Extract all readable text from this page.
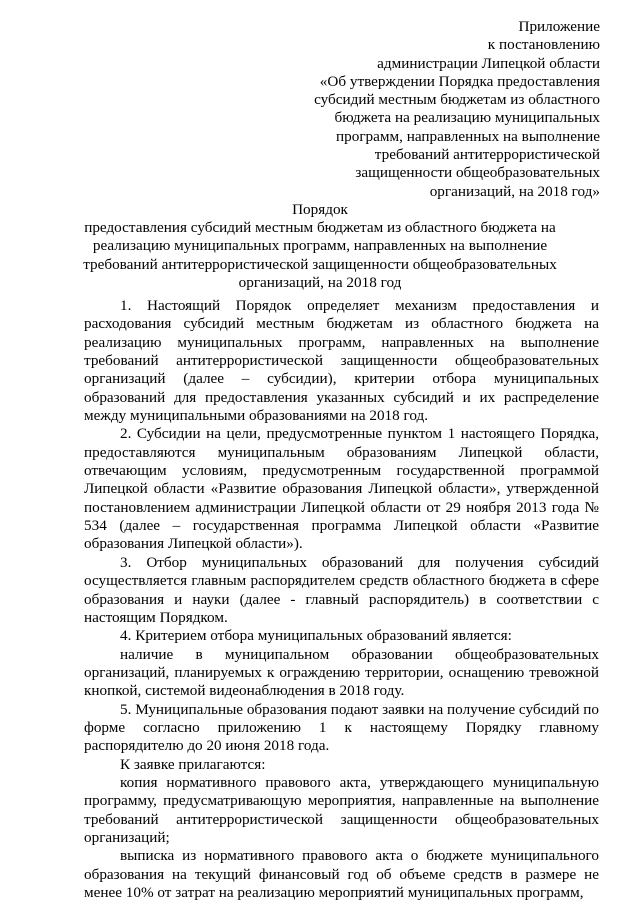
Приложение
к постановлению
администрации Липецкой области
«Об утверждении Порядка предоставления
субсидий местным бюджетам из областного
бюджета на реализацию муниципальных
программ, направленных на выполнение
требований антитеррористической
защищенности общеобразовательных
организаций, на 2018 год»
Порядок
предоставления субсидий местным бюджетам из областного бюджета на
реализацию муниципальных программ, направленных на выполнение
требований антитеррористической защищенности общеобразовательных
организаций, на 2018 год

1. Настоящий Порядок определяет механизм предоставления и расходования субсидий местным бюджетам из областного бюджета на реализацию муниципальных программ, направленных на выполнение требований антитеррористической защищенности общеобразовательных организаций (далее – субсидии), критерии отбора муниципальных образований для предоставления указанных субсидий и их распределение между муниципальными образованиями на 2018 год.

2. Субсидии на цели, предусмотренные пунктом 1 настоящего Порядка, предоставляются муниципальным образованиям Липецкой области, отвечающим условиям, предусмотренным государственной программой Липецкой области «Развитие образования Липецкой области», утвержденной постановлением администрации Липецкой области от 29 ноября 2013 года № 534 (далее – государственная программа Липецкой области «Развитие образования Липецкой области»).

3. Отбор муниципальных образований для получения субсидий осуществляется главным распорядителем средств областного бюджета в сфере образования и науки (далее - главный распорядитель) в соответствии с настоящим Порядком.

4. Критерием отбора муниципальных образований является:

наличие в муниципальном образовании общеобразовательных организаций, планируемых к ограждению территории, оснащению тревожной кнопкой, системой видеонаблюдения в 2018 году.

5. Муниципальные образования подают заявки на получение субсидий по форме согласно приложению 1 к настоящему Порядку главному распорядителю до 20 июня 2018 года.

К заявке прилагаются:

копия нормативного правового акта, утверждающего муниципальную программу, предусматривающую мероприятия, направленные на выполнение требований антитеррористической защищенности общеобразовательных организаций;

выписка из нормативного правового акта о бюджете муниципального образования на текущий финансовый год об объеме средств в размере не менее 10% от затрат на реализацию мероприятий муниципальных программ,
